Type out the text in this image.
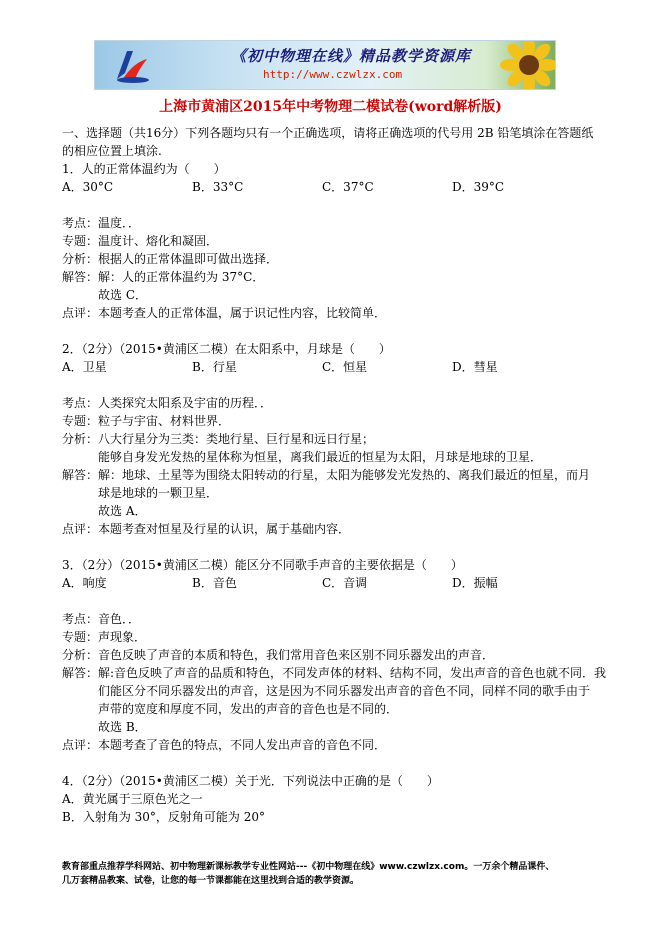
《初中物理在线》精品教学资源库
http://www.czwlzx.com
上海市黄浦区2015年中考物理二模试卷(word解析版)
一、选择题（共16分）下列各题均只有一个正确选项，请将正确选项的代号用 2B 铅笔填涂在答题纸
的相应位置上填涂.
1．人的正常体温约为（　　）
A．30°C	B．33°C	C．37°C	D．39°C
考点： 温度．．
专题： 温度计、熔化和凝固．
分析： 根据人的正常体温即可做出选择．
解答： 解：人的正常体温约为 37°C．
故选 C．
点评： 本题考查人的正常体温，属于识记性内容，比较简单．
2．（2分）（2015•黄浦区二模）在太阳系中，月球是（　　）
A．卫星	B．行星	C．恒星	D．彗星
考点： 人类探究太阳系及宇宙的历程．．
专题： 粒子与宇宙、材料世界．
分析： 八大行星分为三类：类地行星、巨行星和远日行星；
能够自身发光发热的星体称为恒星，离我们最近的恒星为太阳，月球是地球的卫星．
解答： 解：地球、土星等为围绕太阳转动的行星，太阳为能够发光发热的、离我们最近的恒星，而月
球是地球的一颗卫星．
故选 A．
点评： 本题考查对恒星及行星的认识，属于基础内容．
3．（2分）（2015•黄浦区二模）能区分不同歌手声音的主要依据是（　　）
A．响度	B．音色	C．音调	D．振幅
考点： 音色．．
专题： 声现象．
分析： 音色反映了声音的本质和特色，我们常用音色来区别不同乐器发出的声音．
解答： 解:音色反映了声音的品质和特色，不同发声体的材料、结构不同，发出声音的音色也就不同．我
们能区分不同乐器发出的声音，这是因为不同乐器发出声音的音色不同，同样不同的歌手由于
声带的宽度和厚度不同，发出的声音的音色也是不同的．
故选 B．
点评： 本题考查了音色的特点，不同人发出声音的音色不同．
4．（2分）（2015•黄浦区二模）关于光．下列说法中正确的是（　　）
A．黄光属于三原色光之一
B．入射角为 30°，反射角可能为 20°
教育部重点推荐学科网站、初中物理新课标教学专业性网站---《初中物理在线》www.czwlzx.com。一万余个精品课件、
几万套精品教案、试卷，让您的每一节课都能在这里找到合适的教学资源。
